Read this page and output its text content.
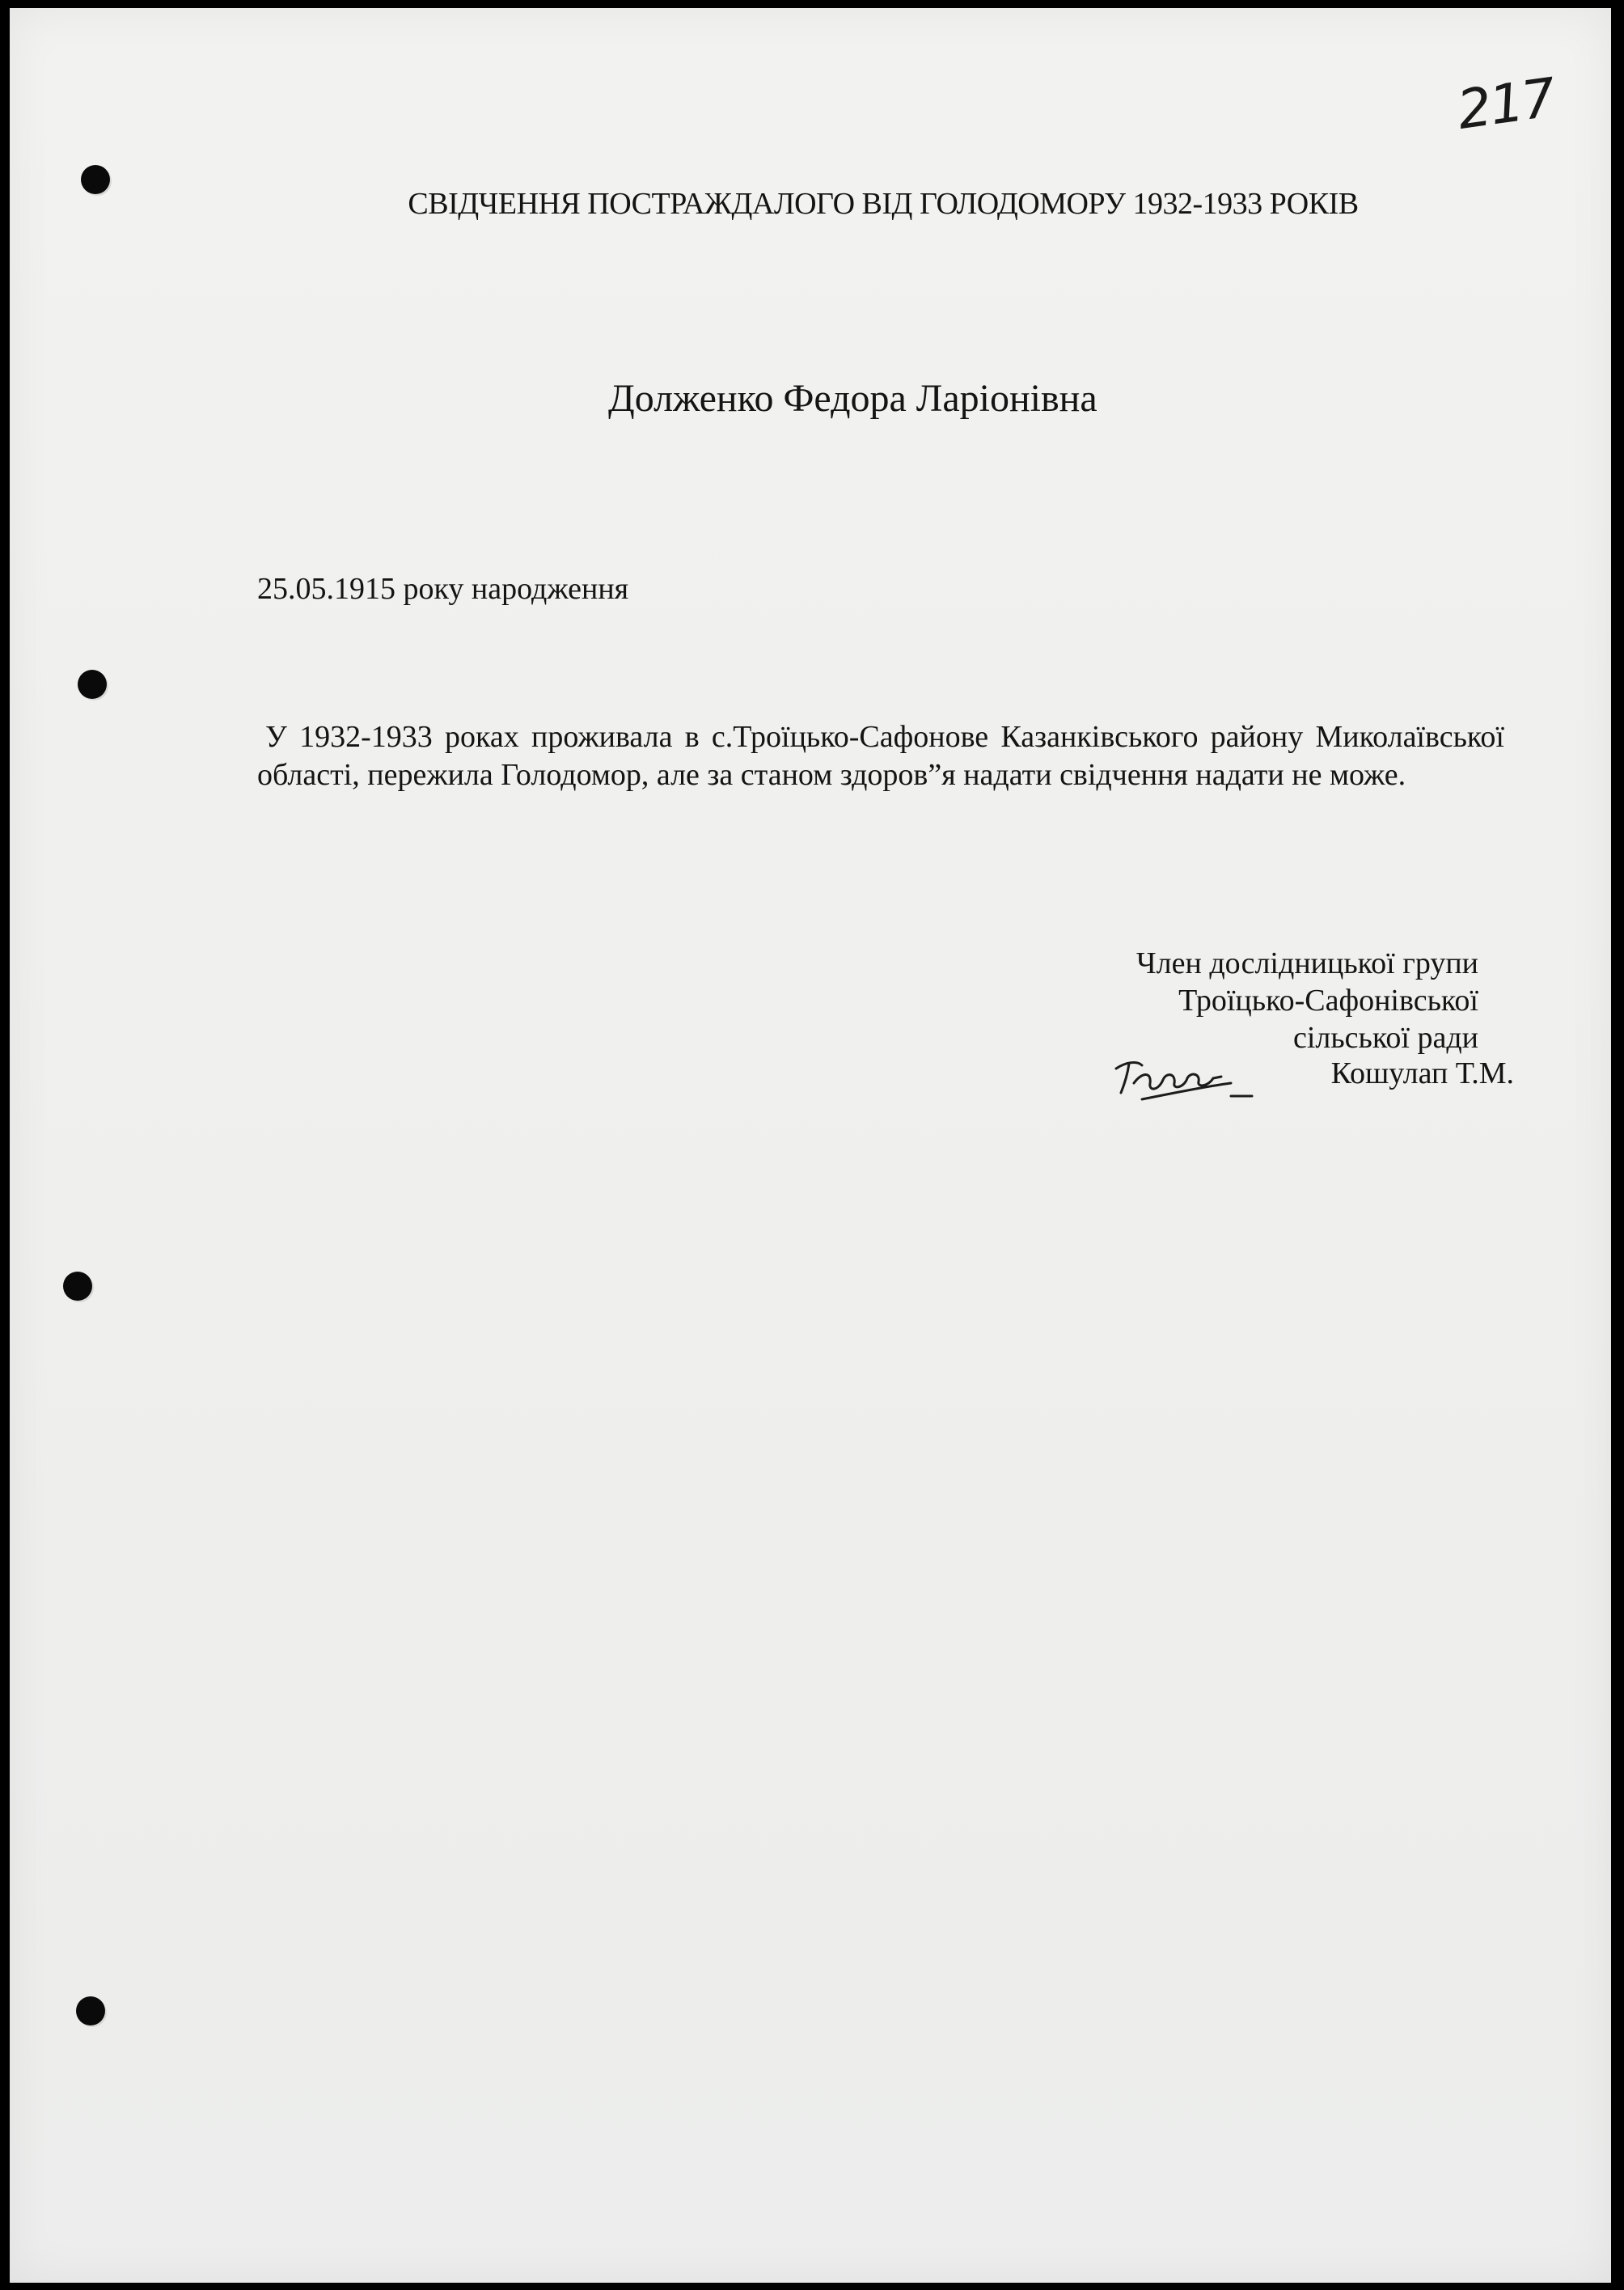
217

СВІДЧЕННЯ ПОСТРАЖДАЛОГО ВІД ГОЛОДОМОРУ 1932-1933 РОКІВ

Долженко Федора Ларіонівна

25.05.1915 року народження

У 1932-1933 роках проживала в с.Троїцько-Сафонове Казанківського району Миколаївської області, пережила Голодомор, але за станом здоров”я надати свідчення надати не може.

Член дослідницької групи
Троїцько-Сафонівської
сільської ради
Кошулап Т.М.
